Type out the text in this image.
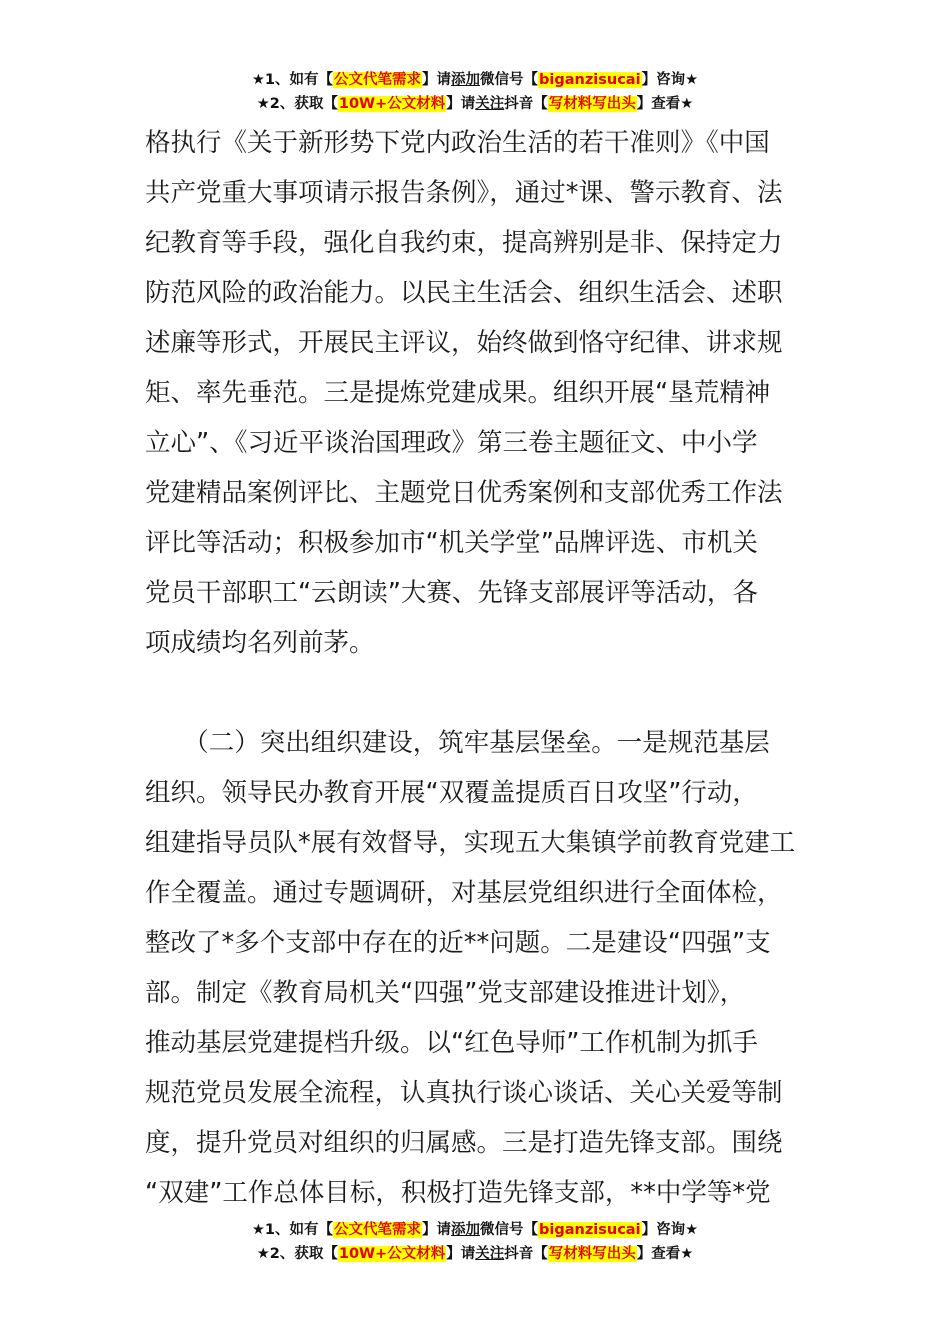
★1、如有【公文代笔需求】请添加微信号【biganzisucai】咨询★
★2、获取【10W+公文材料】请关注抖音【写材料写出头】查看★
格执行《关于新形势下党内政治生活的若干准则》《中国
共产党重大事项请示报告条例》，通过*课、警示教育、法
纪教育等手段，强化自我约束，提高辨别是非、保持定力
防范风险的政治能力。以民主生活会、组织生活会、述职
述廉等形式，开展民主评议，始终做到恪守纪律、讲求规
矩、率先垂范。三是提炼党建成果。组织开展“垦荒精神
立心”、《习近平谈治国理政》第三卷主题征文、中小学
党建精品案例评比、主题党日优秀案例和支部优秀工作法
评比等活动；积极参加市“机关学堂”品牌评选、市机关
党员干部职工“云朗读”大赛、先锋支部展评等活动，各
项成绩均名列前茅。
　　（二）突出组织建设，筑牢基层堡垒。一是规范基层
组织。领导民办教育开展“双覆盖提质百日攻坚”行动，
组建指导员队*展有效督导，实现五大集镇学前教育党建工
作全覆盖。通过专题调研，对基层党组织进行全面体检，
整改了*多个支部中存在的近**问题。二是建设“四强”支
部。制定《教育局机关“四强”党支部建设推进计划》，
推动基层党建提档升级。以“红色导师”工作机制为抓手
规范党员发展全流程，认真执行谈心谈话、关心关爱等制
度，提升党员对组织的归属感。三是打造先锋支部。围绕
“双建”工作总体目标，积极打造先锋支部，**中学等*党
★1、如有【公文代笔需求】请添加微信号【biganzisucai】咨询★
★2、获取【10W+公文材料】请关注抖音【写材料写出头】查看★
